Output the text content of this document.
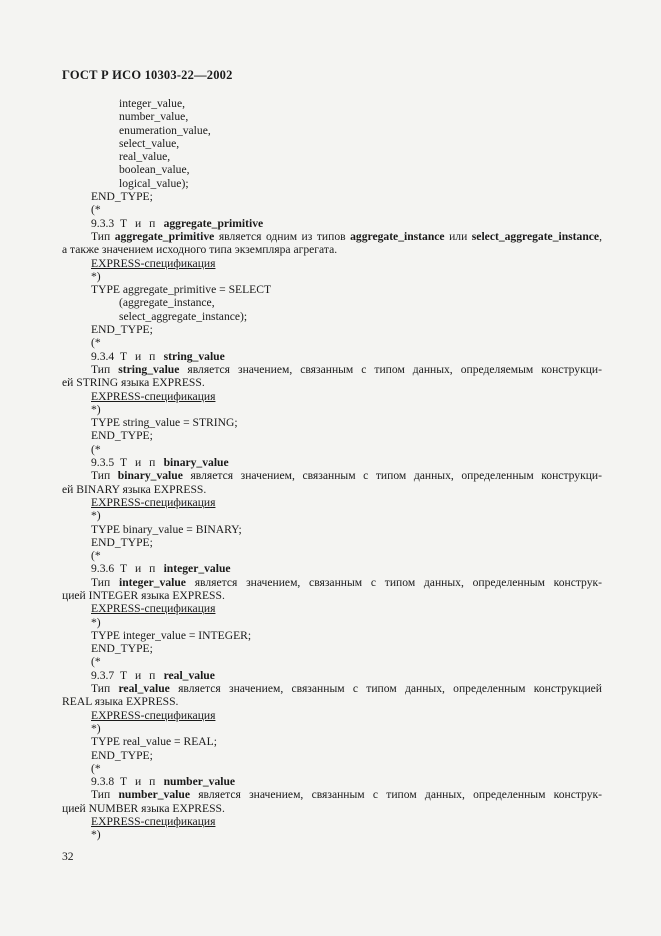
ГОСТ Р ИСО 10303-22—2002
integer_value,
number_value,
enumeration_value,
select_value,
real_value,
boolean_value,
logical_value);
END_TYPE;
(*
9.3.3 Т и п aggregate_primitive
Тип aggregate_primitive является одним из типов aggregate_instance или select_aggregate_instance,
а также значением исходного типа экземпляра агрегата.
EXPRESS-спецификация
*)
TYPE aggregate_primitive = SELECT
(aggregate_instance,
select_aggregate_instance);
END_TYPE;
(*
9.3.4 Т и п string_value
Тип string_value является значением, связанным с типом данных, определяемым конструкци-
ей STRING языка EXPRESS.
EXPRESS-спецификация
*)
TYPE string_value = STRING;
END_TYPE;
(*
9.3.5 Т и п binary_value
Тип binary_value является значением, связанным с типом данных, определенным конструкци-
ей BINARY языка EXPRESS.
EXPRESS-спецификация
*)
TYPE binary_value = BINARY;
END_TYPE;
(*
9.3.6 Т и п integer_value
Тип integer_value является значением, связанным с типом данных, определенным конструк-
цией INTEGER языка EXPRESS.
EXPRESS-спецификация
*)
TYPE integer_value = INTEGER;
END_TYPE;
(*
9.3.7 Т и п real_value
Тип real_value является значением, связанным с типом данных, определенным конструкцией
REAL языка EXPRESS.
EXPRESS-спецификация
*)
TYPE real_value = REAL;
END_TYPE;
(*
9.3.8 Т и п number_value
Тип number_value является значением, связанным с типом данных, определенным конструк-
цией NUMBER языка EXPRESS.
EXPRESS-спецификация
*)
32
